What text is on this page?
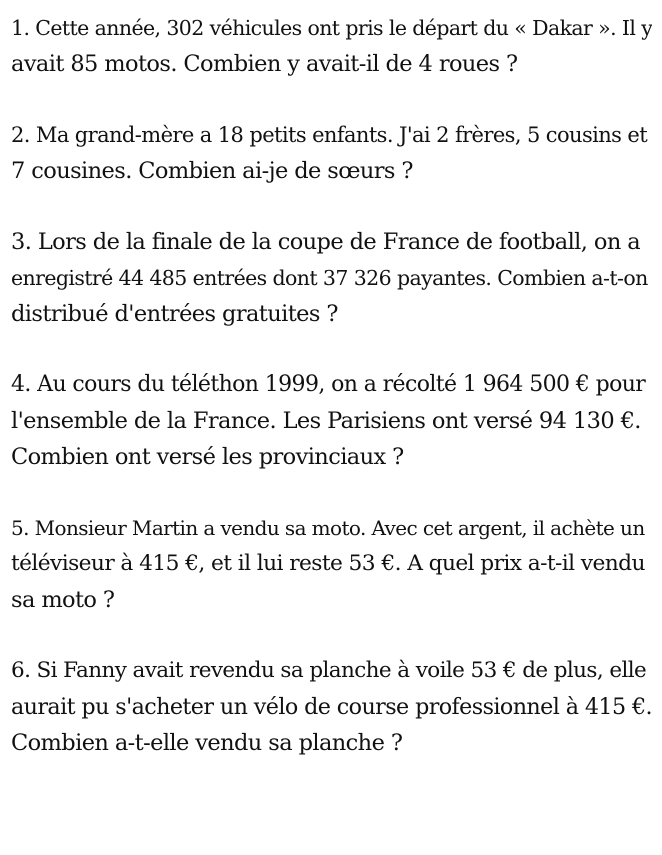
1. Cette année, 302 véhicules ont pris le départ du « Dakar ». Il y
avait 85 motos. Combien y avait-il de 4 roues ?

2. Ma grand-mère a 18 petits enfants. J'ai 2 frères, 5 cousins et
7 cousines. Combien ai-je de sœurs ?

3. Lors de la finale de la coupe de France de football, on a
enregistré 44 485 entrées dont 37 326 payantes. Combien a-t-on
distribué d'entrées gratuites ?

4. Au cours du téléthon 1999, on a récolté 1 964 500 € pour
l'ensemble de la France. Les Parisiens ont versé 94 130 €.
Combien ont versé les provinciaux ?

5. Monsieur Martin a vendu sa moto. Avec cet argent, il achète un
téléviseur à 415 €, et il lui reste 53 €. A quel prix a-t-il vendu
sa moto ?

6. Si Fanny avait revendu sa planche à voile 53 € de plus, elle
aurait pu s'acheter un vélo de course professionnel à 415 €.
Combien a-t-elle vendu sa planche ?
